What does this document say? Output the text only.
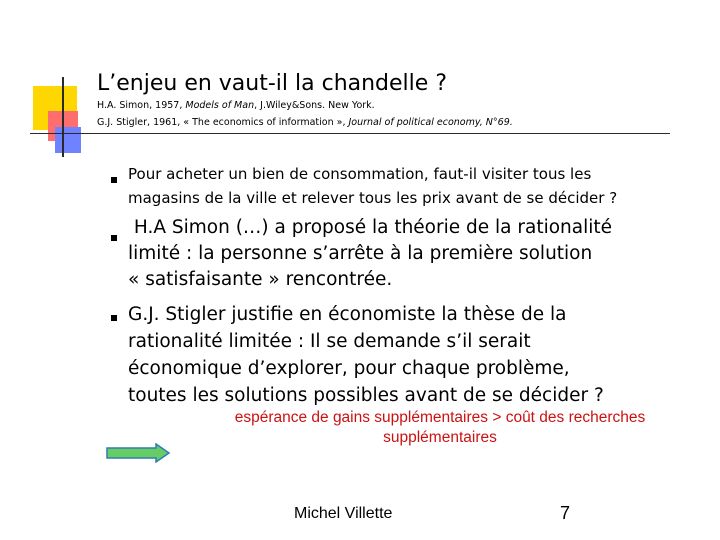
L’enjeu en vaut-il la chandelle ?
H.A. Simon, 1957, Models of Man, J.Wiley&Sons. New York.
G.J. Stigler, 1961, « The economics of information », Journal of political economy, N°69.
Pour acheter un bien de consommation, faut-il visiter tous les
magasins de la ville et relever tous les prix avant de se décider ?
H.A Simon (…) a proposé la théorie de la rationalité
limité : la personne s’arrête à la première solution
« satisfaisante » rencontrée.
G.J. Stigler justifie en économiste la thèse de la
rationalité limitée : Il se demande s’il serait
économique d’explorer, pour chaque problème,
toutes les solutions possibles avant de se décider ?
espérance de gains supplémentaires > coût des recherches
supplémentaires
Michel Villette	7
